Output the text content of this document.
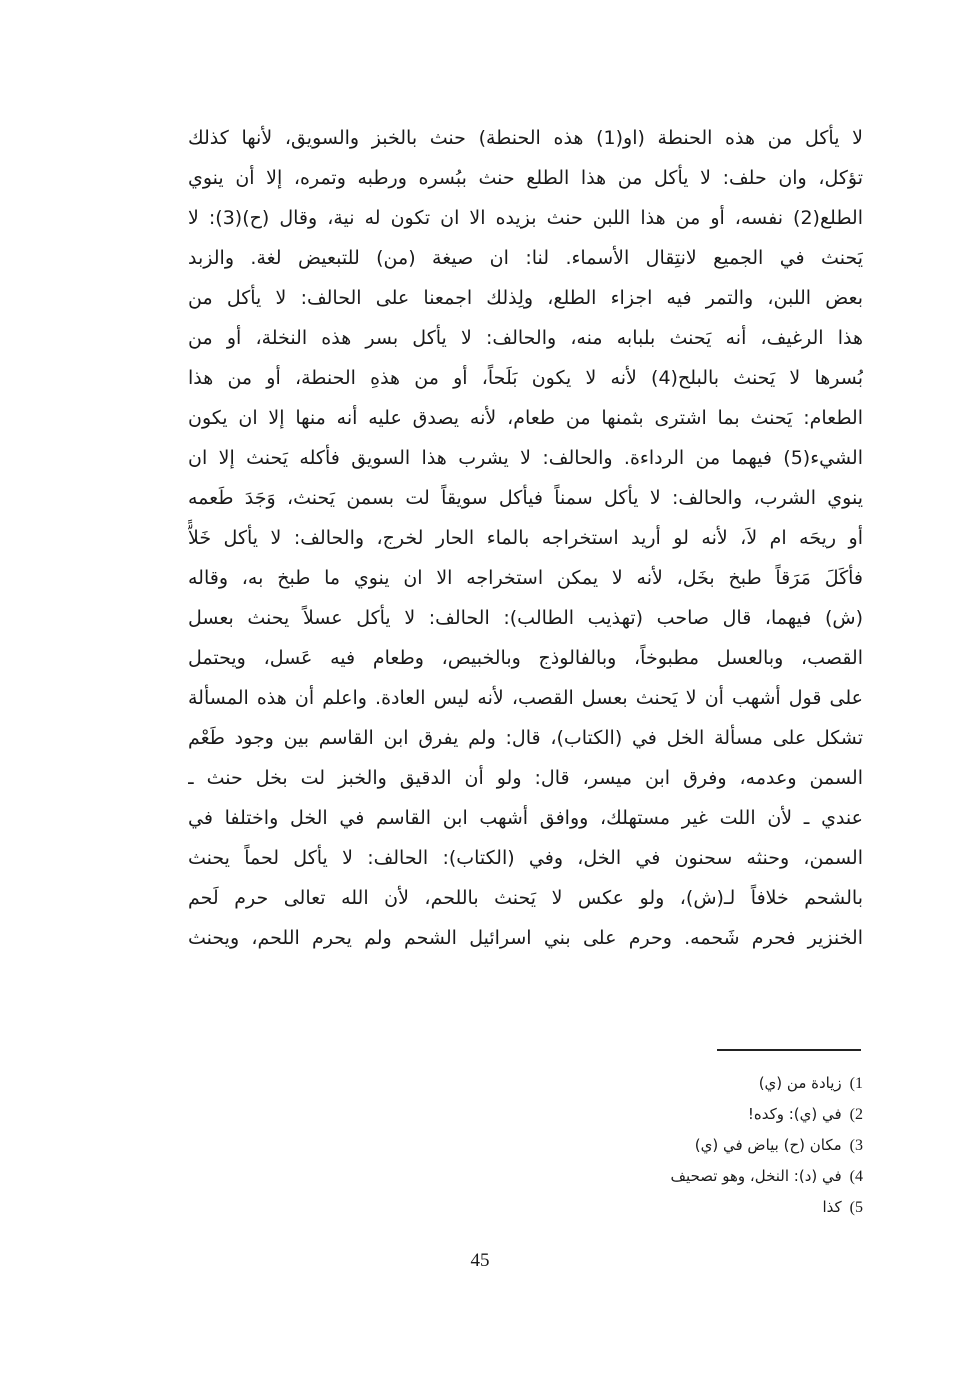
لا يأكل من هذه الحنطة (او(1) هذه الحنطة) حنث بالخبز والسويق، لأنها كذلك
تؤكل، وان حلف: لا يأكل من هذا الطلع حنث ببُسره ورطبه وتمره، إلا أن ينوي
الطلع(2) نفسه، أو من هذا اللبن حنث بزيده الا ان تكون له نية، وقال (ح)(3): لا
يَحنث في الجميع لانتِقال الأسماء. لنا: ان صيغة (من) للتبعيض لغة. والزبد
بعض اللبن، والتمر فيه اجزاء الطلع، ولِذلك اجمعنا على الحالف: لا يأكل من
هذا الرغيف، أنه يَحنث بلبابه منه، والحالف: لا يأكل بسر هذه النخلة، أو من
بُسرها لا يَحنث بالبلح(4) لأنه لا يكون بَلَحاً، أو من هذهِ الحنطة، أو من هذا
الطعام: يَحنث بما اشترى بثمنها من طعام، لأنه يصدق عليه أنه منها إلا ان يكون
الشيء(5) فيهما من الرداءة. والحالف: لا يشرب هذا السويق فأكله يَحنث إلا ان
ينوي الشرب، والحالف: لا يأكل سمناً فيأكل سويقاً لت بسمن يَحنث، وَجَدَ طَعمه
أو ريحَه ام لاَ، لأنه لو أريد استخراجه بالماء الحار لخرج، والحالف: لا يأكل خَلاًّ
فأكَلَ مَرَقاً طبخ بخَل، لأنه لا يمكن استخراجه الا ان ينوي ما طبخ به، وقاله
(ش) فيهما، قال صاحب (تهذيب الطالب): الحالف: لا يأكل عسلاً يحنث بعسل
القصب، وبالعسل مطبوخاً، وبالفالوذج وبالخبيص، وطعام فيه عَسل، ويحتمل
على قول أشهب أن لا يَحنث بعسل القصب، لأنه ليس العادة. واعلم أن هذه المسألة
تشكل على مسألة الخل في (الكتاب)، قال: ولم يفرق ابن القاسم بين وجود طَعْم
السمن وعدمه، وفرق ابن ميسر، قال: ولو أن الدقيق والخبز لت بخل حنث ـ
عندي ـ لأن اللت غير مستهلك، ووافق أشهب ابن القاسم في الخل واختلفا في
السمن، وحنثه سحنون في الخل، وفي (الكتاب): الحالف: لا يأكل لحماً يحنث
بالشحم خلافاً لـ(ش)، ولو عكس لا يَحنث باللحم، لأن الله تعالى حرم لَحم
الخنزير فحرم شَحمه. وحرم على بني اسرائيل الشحم ولم يحرم اللحم، ويحنث
1)زيادة من (ي)
2)في (ي): وكده!
3)مكان (ح) بياض في (ي)
4)في (د): النخل، وهو تصحيف
5)كذا
45
